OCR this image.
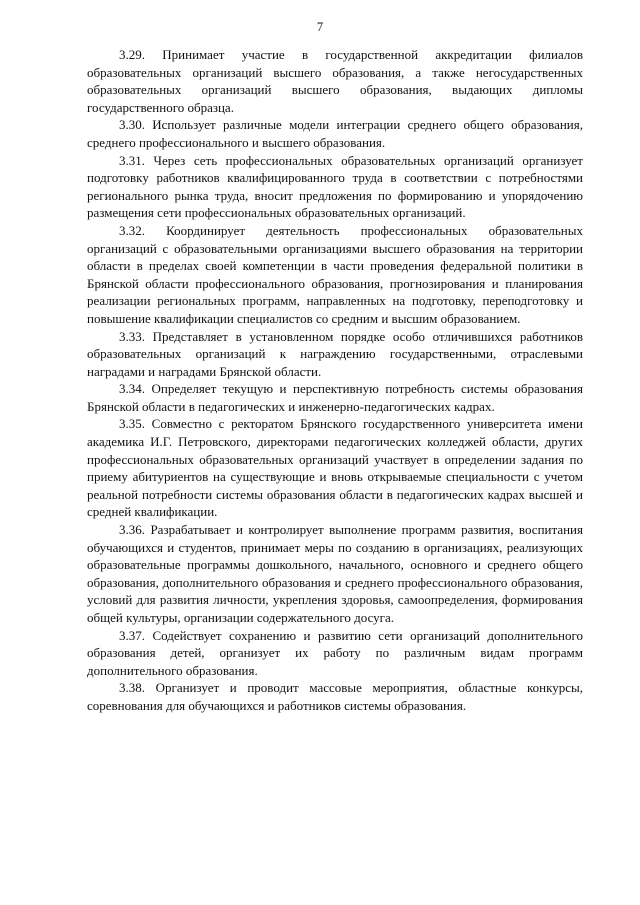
7

3.29. Принимает участие в государственной аккредитации филиалов образовательных организаций высшего образования, а также негосударственных образовательных организаций высшего образования, выдающих дипломы государственного образца.

3.30. Использует различные модели интеграции среднего общего образования, среднего профессионального и высшего образования.

3.31. Через сеть профессиональных образовательных организаций организует подготовку работников квалифицированного труда в соответствии с потребностями регионального рынка труда, вносит предложения по формированию и упорядочению размещения сети профессиональных образовательных организаций.

3.32. Координирует деятельность профессиональных образовательных организаций с образовательными организациями высшего образования на территории области в пределах своей компетенции в части проведения федеральной политики в Брянской области профессионального образования, прогнозирования и планирования реализации региональных программ, направленных на подготовку, переподготовку и повышение квалификации специалистов со средним и высшим образованием.

3.33. Представляет в установленном порядке особо отличившихся работников образовательных организаций к награждению государственными, отраслевыми наградами и наградами Брянской области.

3.34. Определяет текущую и перспективную потребность системы образования Брянской области в педагогических и инженерно-педагогических кадрах.

3.35. Совместно с ректоратом Брянского государственного университета имени академика И.Г. Петровского, директорами педагогических колледжей области, других профессиональных образовательных организаций участвует в определении задания по приему абитуриентов на существующие и вновь открываемые специальности с учетом реальной потребности системы образования области в педагогических кадрах высшей и средней квалификации.

3.36. Разрабатывает и контролирует выполнение программ развития, воспитания обучающихся и студентов, принимает меры по созданию в организациях, реализующих образовательные программы дошкольного, начального, основного и среднего общего образования, дополнительного образования и среднего профессионального образования, условий для развития личности, укрепления здоровья, самоопределения, формирования общей культуры, организации содержательного досуга.

3.37. Содействует сохранению и развитию сети организаций дополнительного образования детей, организует их работу по различным видам программ дополнительного образования.

3.38. Организует и проводит массовые мероприятия, областные конкурсы, соревнования для обучающихся и работников системы образования.
